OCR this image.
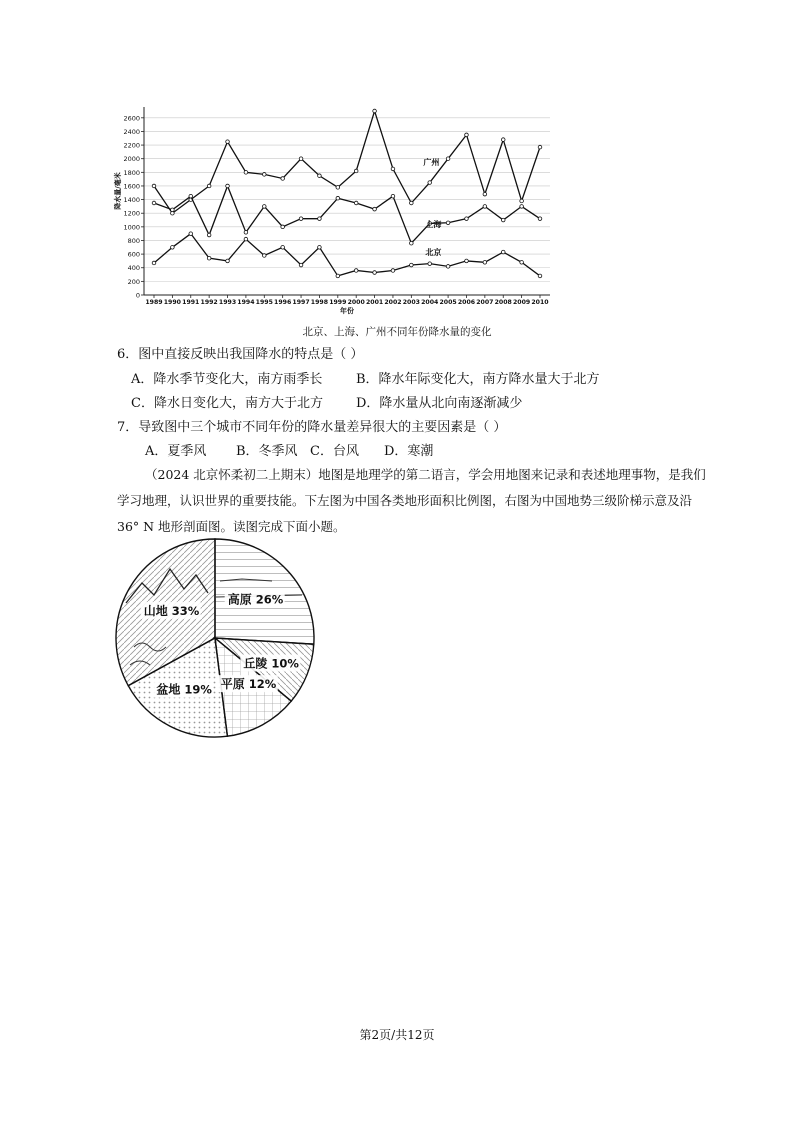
0
200
400
600
800
1000
1200
1400
1600
1800
2000
2200
2400
2600
1989 1990 1991 1992 1993 1994 1995 1996 1997 1998 1999 2000 2001 2002 2003 2004 2005 2006 2007 2008 2009 2010
年份
降水量/毫米
广州
上海
北京
北京、上海、广州不同年份降水量的变化
6．图中直接反映出我国降水的特点是（ ）
A．降水季节变化大，南方雨季长	B．降水年际变化大，南方降水量大于北方
C．降水日变化大，南方大于北方	D．降水量从北向南逐渐减少
7．导致图中三个城市不同年份的降水量差异很大的主要因素是（ ）
A．夏季风 B．冬季风 C．台风 D．寒潮
（2024 北京怀柔初二上期末）地图是地理学的第二语言，学会用地图来记录和表述地理事物，是我们
学习地理，认识世界的重要技能。下左图为中国各类地形面积比例图，右图为中国地势三级阶梯示意及沿
36° N 地形剖面图。读图完成下面小题。
山地 33%
高原 26%
丘陵 10%
平原 12%
盆地 19%
第2页/共12页
